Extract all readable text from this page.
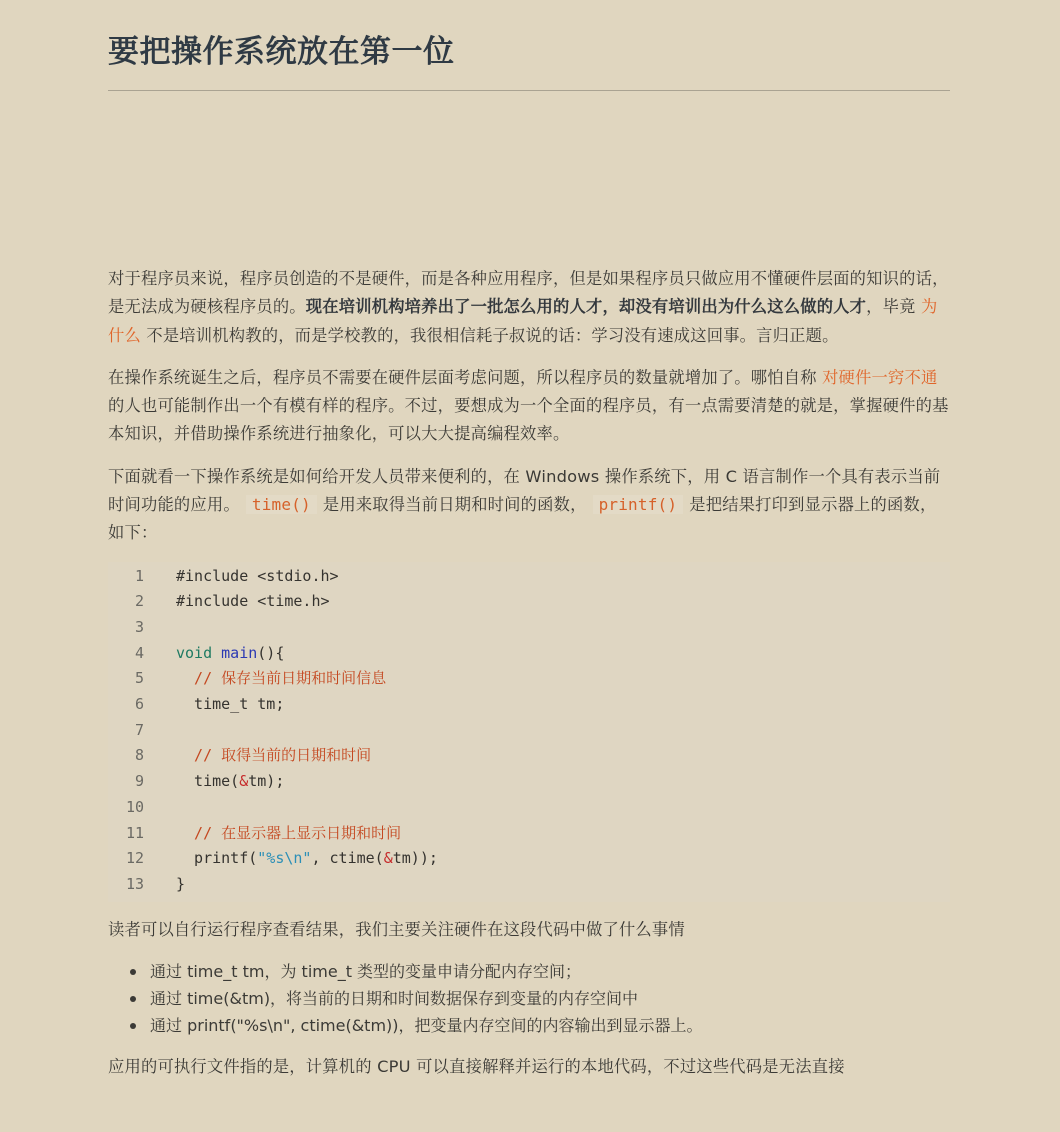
要把操作系统放在第一位

对于程序员来说，程序员创造的不是硬件，而是各种应用程序，但是如果程序员只做应用不懂硬件层面的知识的话，是无法成为硬核程序员的。现在培训机构培养出了一批怎么用的人才，却没有培训出为什么这么做的人才，毕竟 为什么 不是培训机构教的，而是学校教的，我很相信耗子叔说的话：学习没有速成这回事。言归正题。

在操作系统诞生之后，程序员不需要在硬件层面考虑问题，所以程序员的数量就增加了。哪怕自称 对硬件一窍不通 的人也可能制作出一个有模有样的程序。不过，要想成为一个全面的程序员，有一点需要清楚的就是，掌握硬件的基本知识，并借助操作系统进行抽象化，可以大大提高编程效率。

下面就看一下操作系统是如何给开发人员带来便利的，在 Windows 操作系统下，用 C 语言制作一个具有表示当前时间功能的应用。 time() 是用来取得当前日期和时间的函数， printf() 是把结果打印到显示器上的函数，如下：

1	#include <stdio.h>
2	#include <time.h>
3
4	void main(){
5	// 保存当前日期和时间信息
6	time_t tm;
7
8	// 取得当前的日期和时间
9	time(&tm);
10
11	// 在显示器上显示日期和时间
12	printf("%s\n", ctime(&tm));
13	}

读者可以自行运行程序查看结果，我们主要关注硬件在这段代码中做了什么事情

通过 time_t tm，为 time_t 类型的变量申请分配内存空间；
通过 time(&tm)，将当前的日期和时间数据保存到变量的内存空间中
通过 printf("%s\n", ctime(&tm))，把变量内存空间的内容输出到显示器上。

应用的可执行文件指的是，计算机的 CPU 可以直接解释并运行的本地代码，不过这些代码是无法直接
